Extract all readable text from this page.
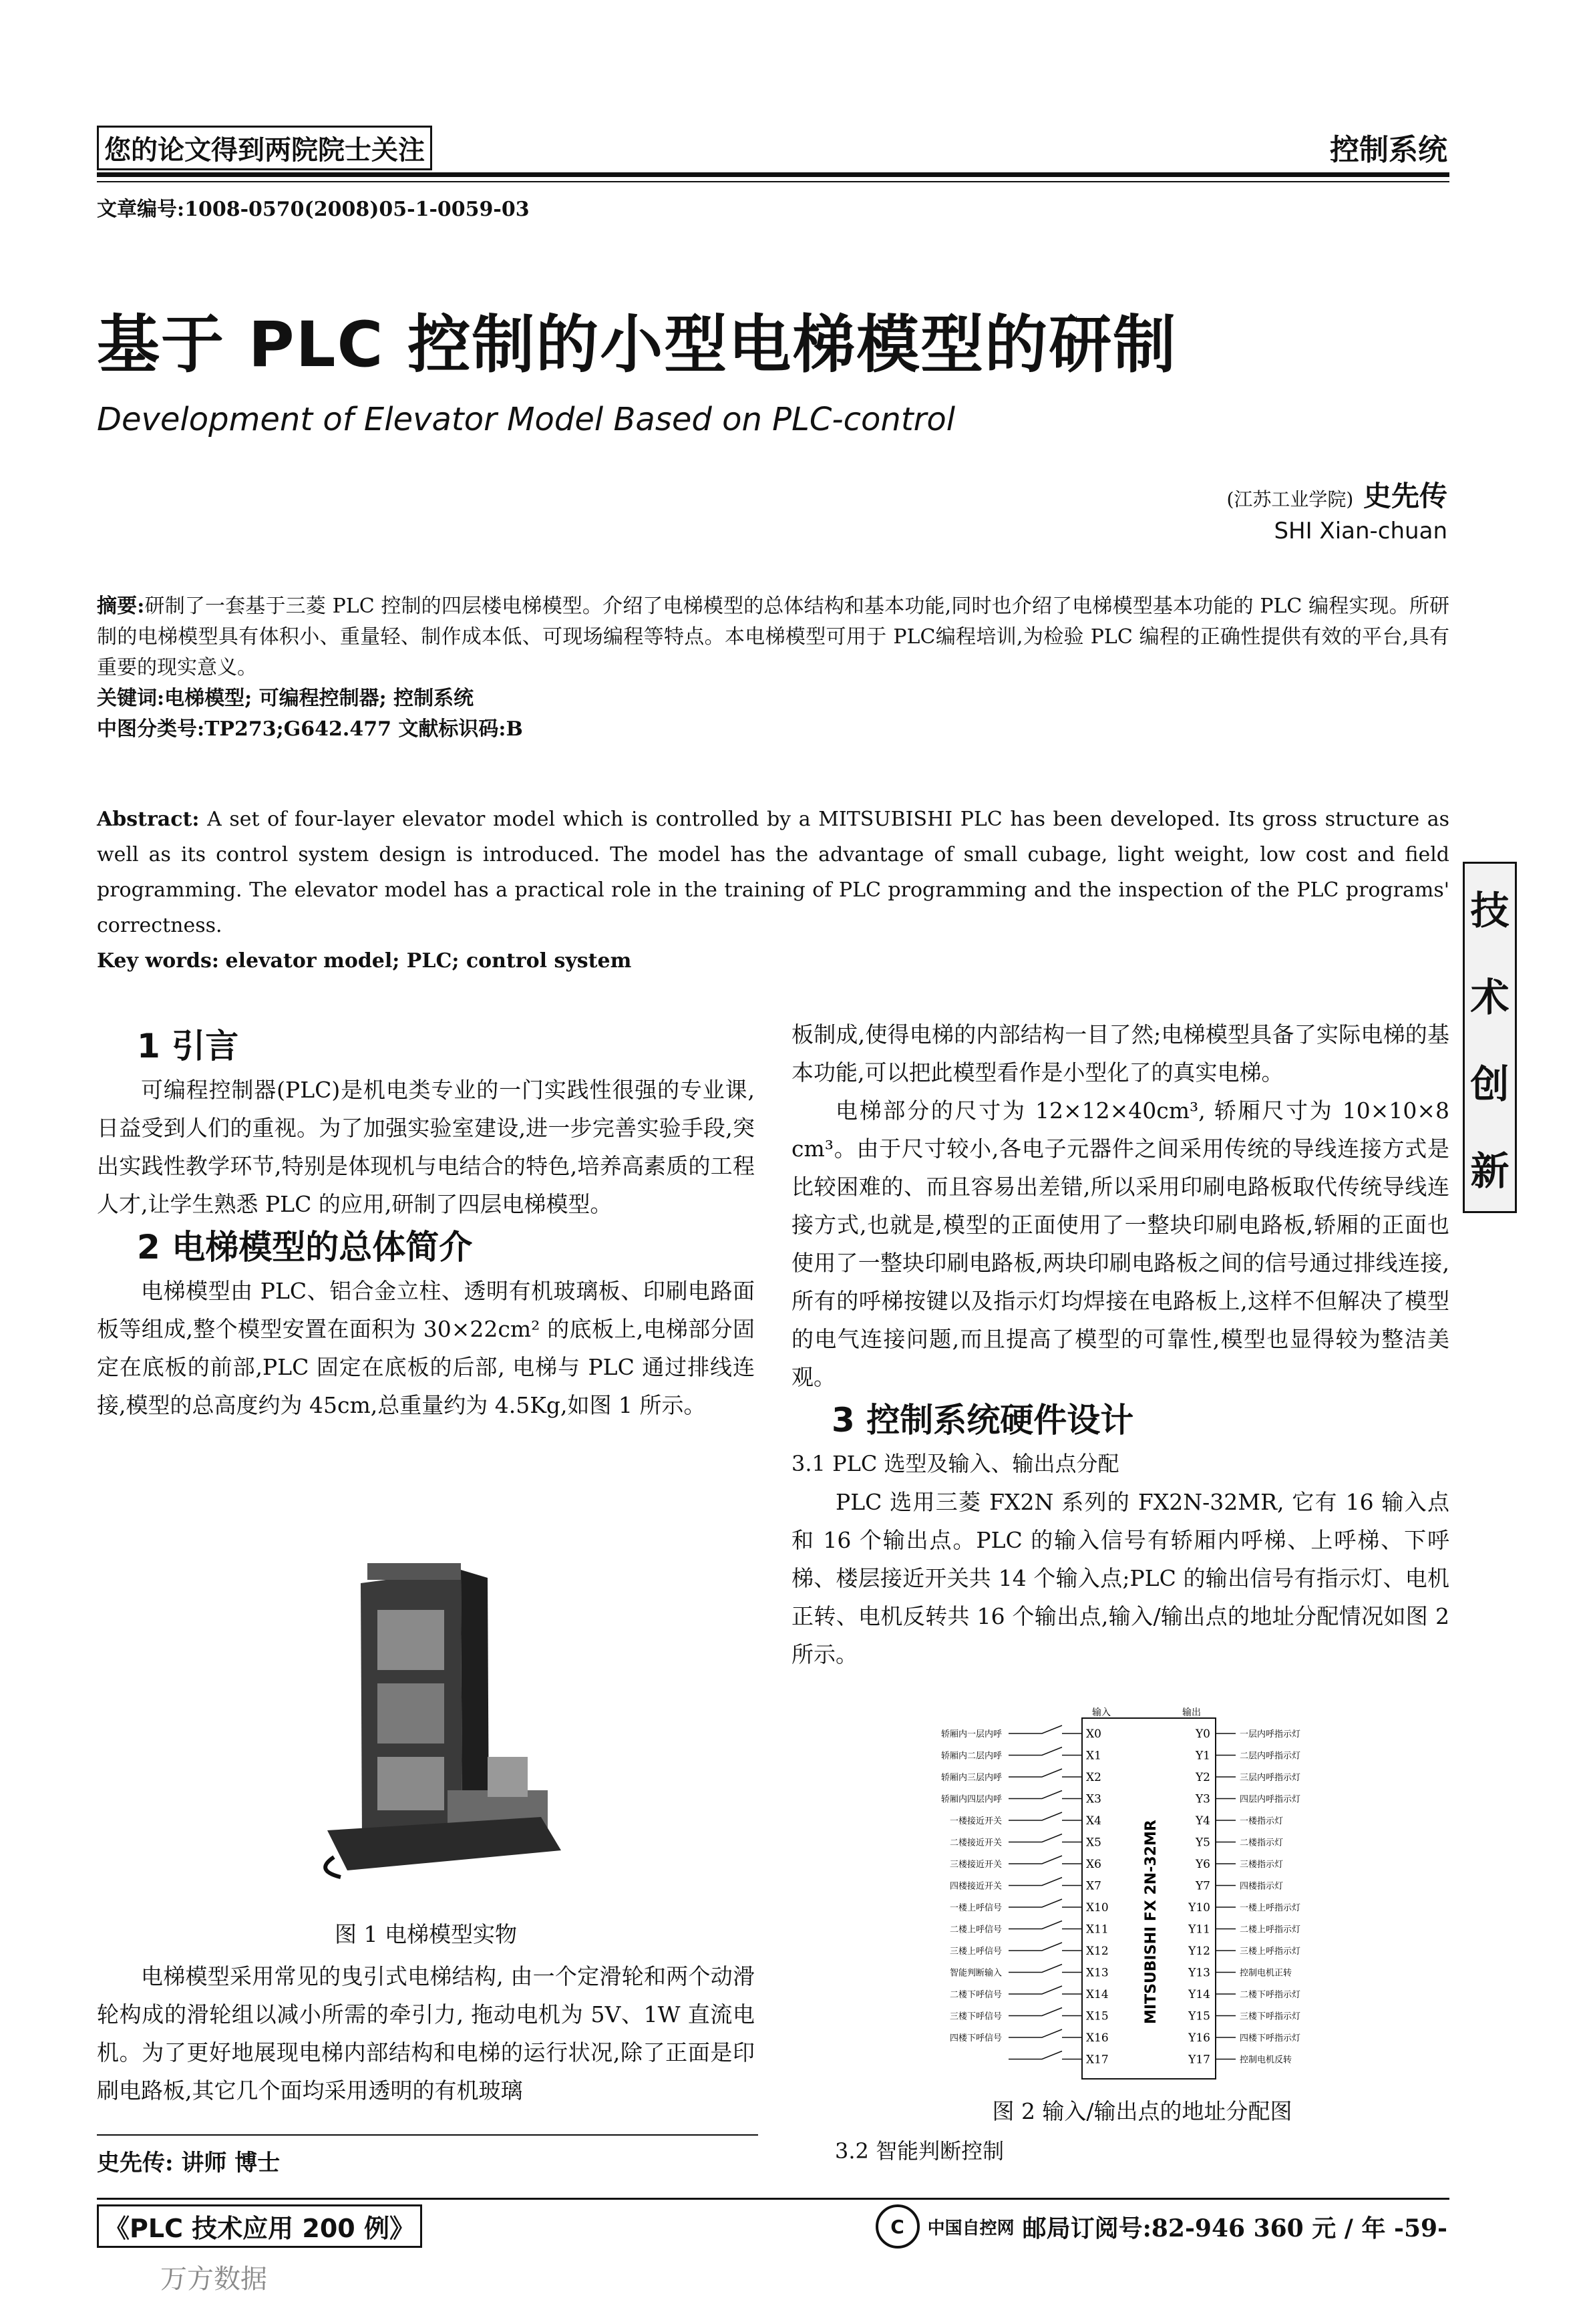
您的论文得到两院院士关注	控制系统
文章编号:1008-0570(2008)05-1-0059-03
基于 PLC 控制的小型电梯模型的研制
Development of Elevator Model Based on PLC-control
(江苏工业学院) 史先传
SHI Xian-chuan
摘要:研制了一套基于三菱 PLC 控制的四层楼电梯模型。介绍了电梯模型的总体结构和基本功能,同时也介绍了电梯模型基本功能的 PLC 编程实现。所研制的电梯模型具有体积小、重量轻、制作成本低、可现场编程等特点。本电梯模型可用于 PLC编程培训,为检验 PLC 编程的正确性提供有效的平台,具有重要的现实意义。
关键词:电梯模型; 可编程控制器; 控制系统
中图分类号:TP273;G642.477 文献标识码:B
Abstract: A set of four-layer elevator model which is controlled by a MITSUBISHI PLC has been developed. Its gross structure as well as its control system design is introduced. The model has the advantage of small cubage, light weight, low cost and field programming. The elevator model has a practical role in the training of PLC programming and the inspection of the PLC programs' correctness.
Key words: elevator model; PLC; control system
技
术
创
新
1 引言

可编程控制器(PLC)是机电类专业的一门实践性很强的专业课,日益受到人们的重视。为了加强实验室建设,进一步完善实验手段,突出实践性教学环节,特别是体现机与电结合的特色,培养高素质的工程人才,让学生熟悉 PLC 的应用,研制了四层电梯模型。

2 电梯模型的总体简介

电梯模型由 PLC、铝合金立柱、透明有机玻璃板、印刷电路面板等组成,整个模型安置在面积为 30×22cm² 的底板上,电梯部分固定在底板的前部,PLC 固定在底板的后部, 电梯与 PLC 通过排线连接,模型的总高度约为 45cm,总重量约为 4.5Kg,如图 1 所示。

图 1 电梯模型实物

电梯模型采用常见的曳引式电梯结构, 由一个定滑轮和两个动滑轮构成的滑轮组以减小所需的牵引力, 拖动电机为 5V、1W 直流电机。为了更好地展现电梯内部结构和电梯的运行状况,除了正面是印刷电路板,其它几个面均采用透明的有机玻璃

板制成,使得电梯的内部结构一目了然;电梯模型具备了实际电梯的基本功能,可以把此模型看作是小型化了的真实电梯。

电梯部分的尺寸为 12×12×40cm³, 轿厢尺寸为 10×10×8 cm³。由于尺寸较小,各电子元器件之间采用传统的导线连接方式是比较困难的、而且容易出差错,所以采用印刷电路板取代传统导线连接方式,也就是,模型的正面使用了一整块印刷电路板,轿厢的正面也使用了一整块印刷电路板,两块印刷电路板之间的信号通过排线连接,所有的呼梯按键以及指示灯均焊接在电路板上,这样不但解决了模型的电气连接问题,而且提高了模型的可靠性,模型也显得较为整洁美观。

3 控制系统硬件设计
3.1 PLC 选型及输入、输出点分配

PLC 选用三菱 FX2N 系列的 FX2N-32MR, 它有 16 输入点和 16 个输出点。PLC 的输入信号有轿厢内呼梯、上呼梯、下呼梯、楼层接近开关共 14 个输入点;PLC 的输出信号有指示灯、电机正转、电机反转共 16 个输出点,输入/输出点的地址分配情况如图 2 所示。

输入	输出
MITSUBISHI FX 2N-32MR
轿厢内一层内呼	X0
轿厢内二层内呼	X1
轿厢内三层内呼	X2
轿厢内四层内呼	X3
一楼接近开关	X4
二楼接近开关	X5
三楼接近开关	X6
四楼接近开关	X7
一楼上呼信号	X10
二楼上呼信号	X11
三楼上呼信号	X12
智能判断输入	X13
二楼下呼信号	X14
三楼下呼信号	X15
四楼下呼信号	X16
X17
Y0	一层内呼指示灯
Y1	二层内呼指示灯
Y2	三层内呼指示灯
Y3	四层内呼指示灯
Y4	一楼指示灯
Y5	二楼指示灯
Y6	三楼指示灯
Y7	四楼指示灯
Y10	一楼上呼指示灯
Y11	二楼上呼指示灯
Y12	三楼上呼指示灯
Y13	控制电机正转
Y14	二楼下呼指示灯
Y15	三楼下呼指示灯
Y16	四楼下呼指示灯
Y17	控制电机反转
图 2 输入/输出点的地址分配图
3.2 智能判断控制
史先传: 讲师 博士
《PLC 技术应用 200 例》	C	中国自控网 邮局订阅号:82-946 360 元 / 年 -59-
万方数据
